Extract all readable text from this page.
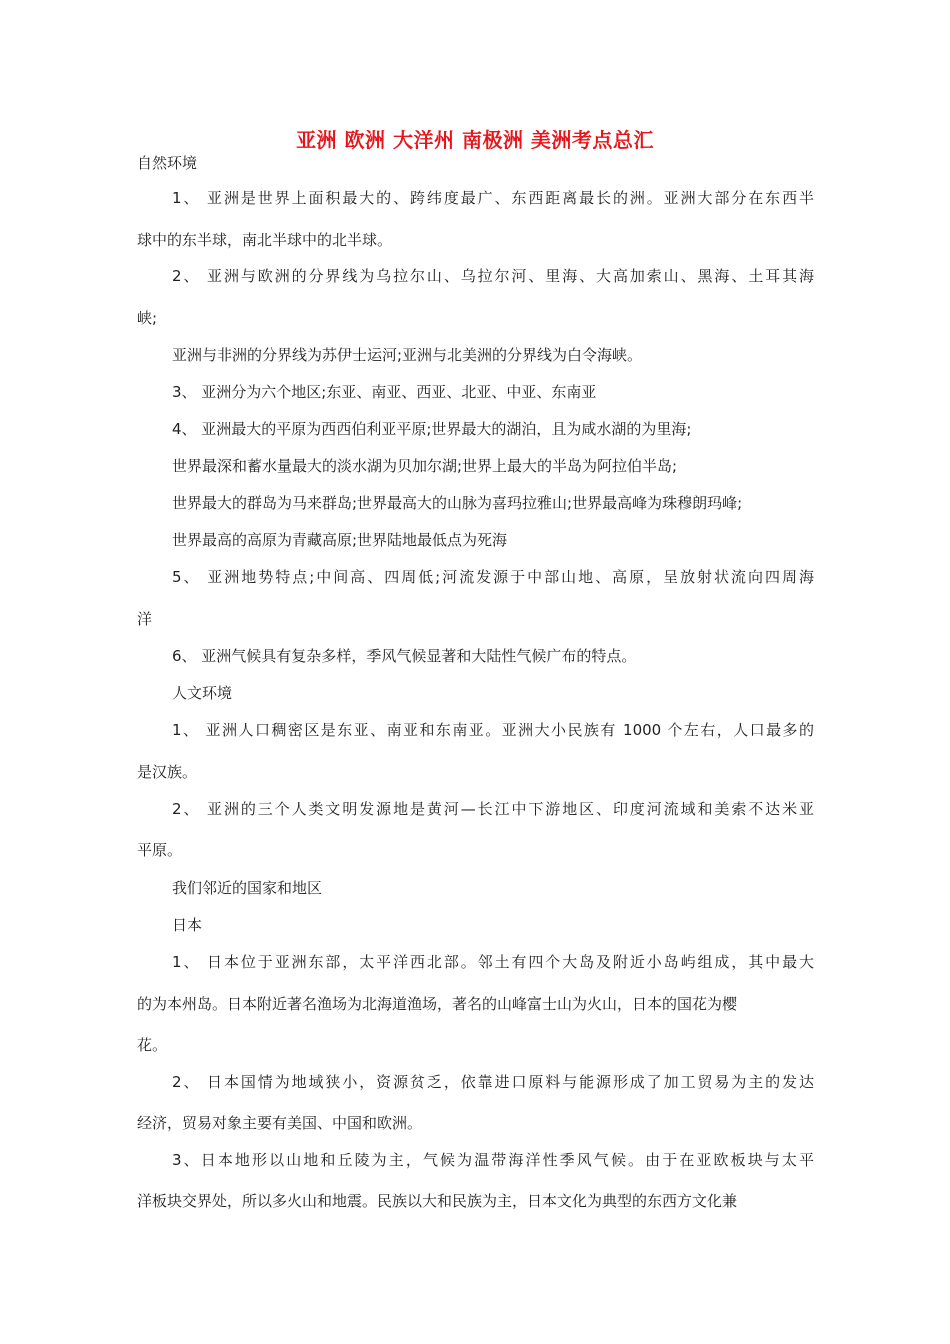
亚洲 欧洲 大洋州 南极洲 美洲考点总汇
自然环境
1、 亚洲是世界上面积最大的、跨纬度最广、东西距离最长的洲。亚洲大部分在东西半
球中的东半球，南北半球中的北半球。
2、 亚洲与欧洲的分界线为乌拉尔山、乌拉尔河、里海、大高加索山、黑海、土耳其海
峡;
亚洲与非洲的分界线为苏伊士运河;亚洲与北美洲的分界线为白令海峡。
3、 亚洲分为六个地区;东亚、南亚、西亚、北亚、中亚、东南亚
4、 亚洲最大的平原为西西伯利亚平原;世界最大的湖泊，且为咸水湖的为里海;
世界最深和蓄水量最大的淡水湖为贝加尔湖;世界上最大的半岛为阿拉伯半岛;
世界最大的群岛为马来群岛;世界最高大的山脉为喜玛拉雅山;世界最高峰为珠穆朗玛峰;
世界最高的高原为青藏高原;世界陆地最低点为死海
5、 亚洲地势特点;中间高、四周低;河流发源于中部山地、高原，呈放射状流向四周海
洋
6、 亚洲气候具有复杂多样，季风气候显著和大陆性气候广布的特点。
人文环境
1、 亚洲人口稠密区是东亚、南亚和东南亚。亚洲大小民族有 1000 个左右，人口最多的
是汉族。
2、 亚洲的三个人类文明发源地是黄河—长江中下游地区、印度河流域和美索不达米亚
平原。
我们邻近的国家和地区
日本
1、 日本位于亚洲东部，太平洋西北部。邻土有四个大岛及附近小岛屿组成，其中最大
的为本州岛。日本附近著名渔场为北海道渔场，著名的山峰富士山为火山，日本的国花为樱
花。
2、 日本国情为地域狭小，资源贫乏，依靠进口原料与能源形成了加工贸易为主的发达
经济，贸易对象主要有美国、中国和欧洲。
3、日本地形以山地和丘陵为主，气候为温带海洋性季风气候。由于在亚欧板块与太平
洋板块交界处，所以多火山和地震。民族以大和民族为主，日本文化为典型的东西方文化兼
